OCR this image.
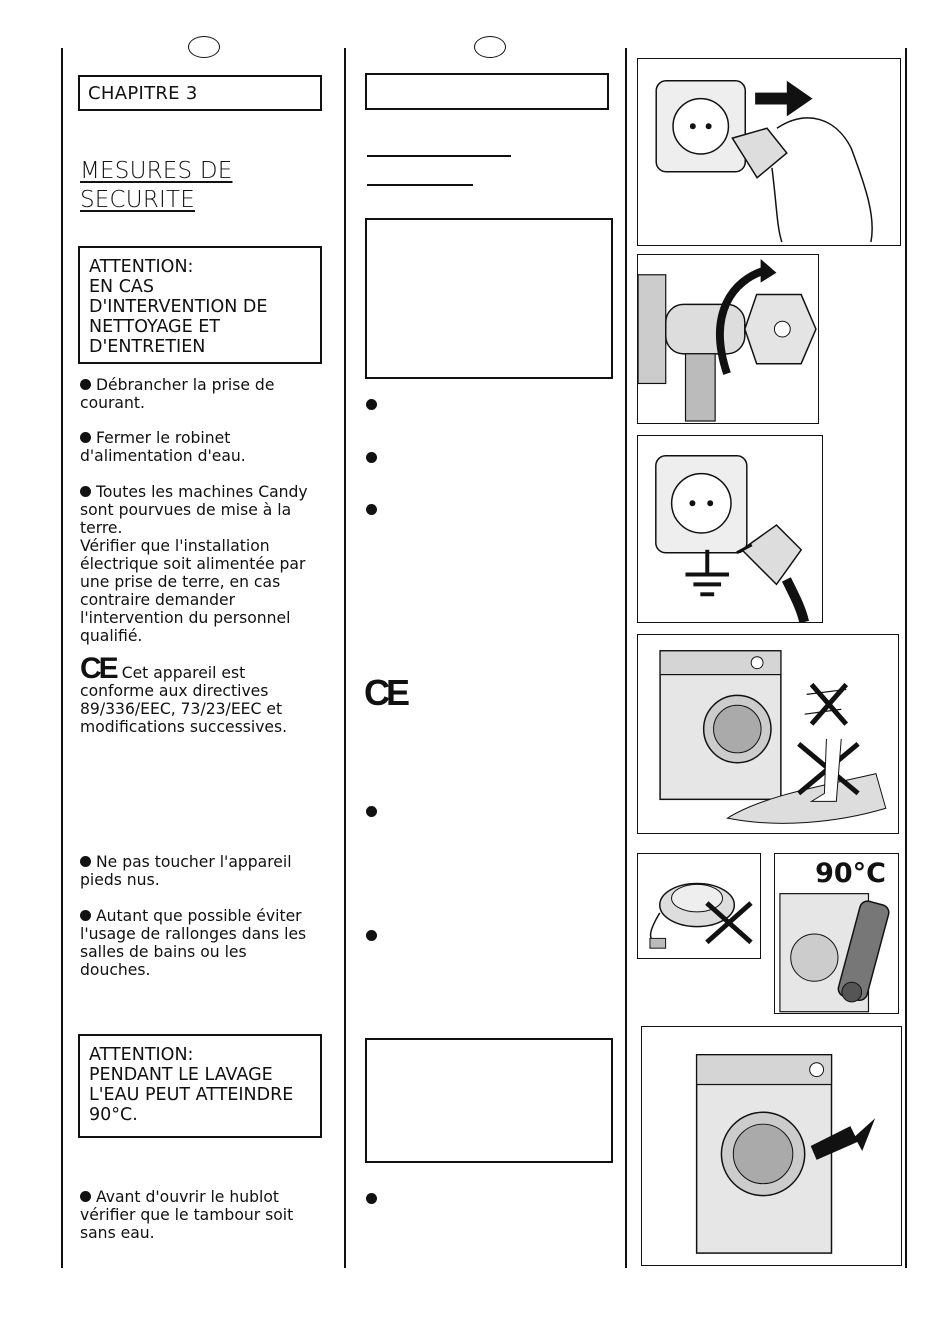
CHAPITRE 3
MESURES DE
SECURITE
ATTENTION:
EN CAS
D'INTERVENTION DE
NETTOYAGE ET
D'ENTRETIEN
Débrancher la prise de
courant.
Fermer le robinet
d'alimentation d'eau.
Toutes les machines Candy
sont pourvues de mise à la
terre.
Vérifier que l'installation
électrique soit alimentée par
une prise de terre, en cas
contraire demander
l'intervention du personnel
qualifié.
CE Cet appareil est
conforme aux directives
89/336/EEC, 73/23/EEC et
modifications successives.
Ne pas toucher l'appareil
pieds nus.
Autant que possible éviter
l'usage de rallonges dans les
salles de bains ou les
douches.
ATTENTION:
PENDANT LE LAVAGE
L'EAU PEUT ATTEINDRE
90°C.
Avant d'ouvrir le hublot
vérifier que le tambour soit
sans eau.
CE
90°C
